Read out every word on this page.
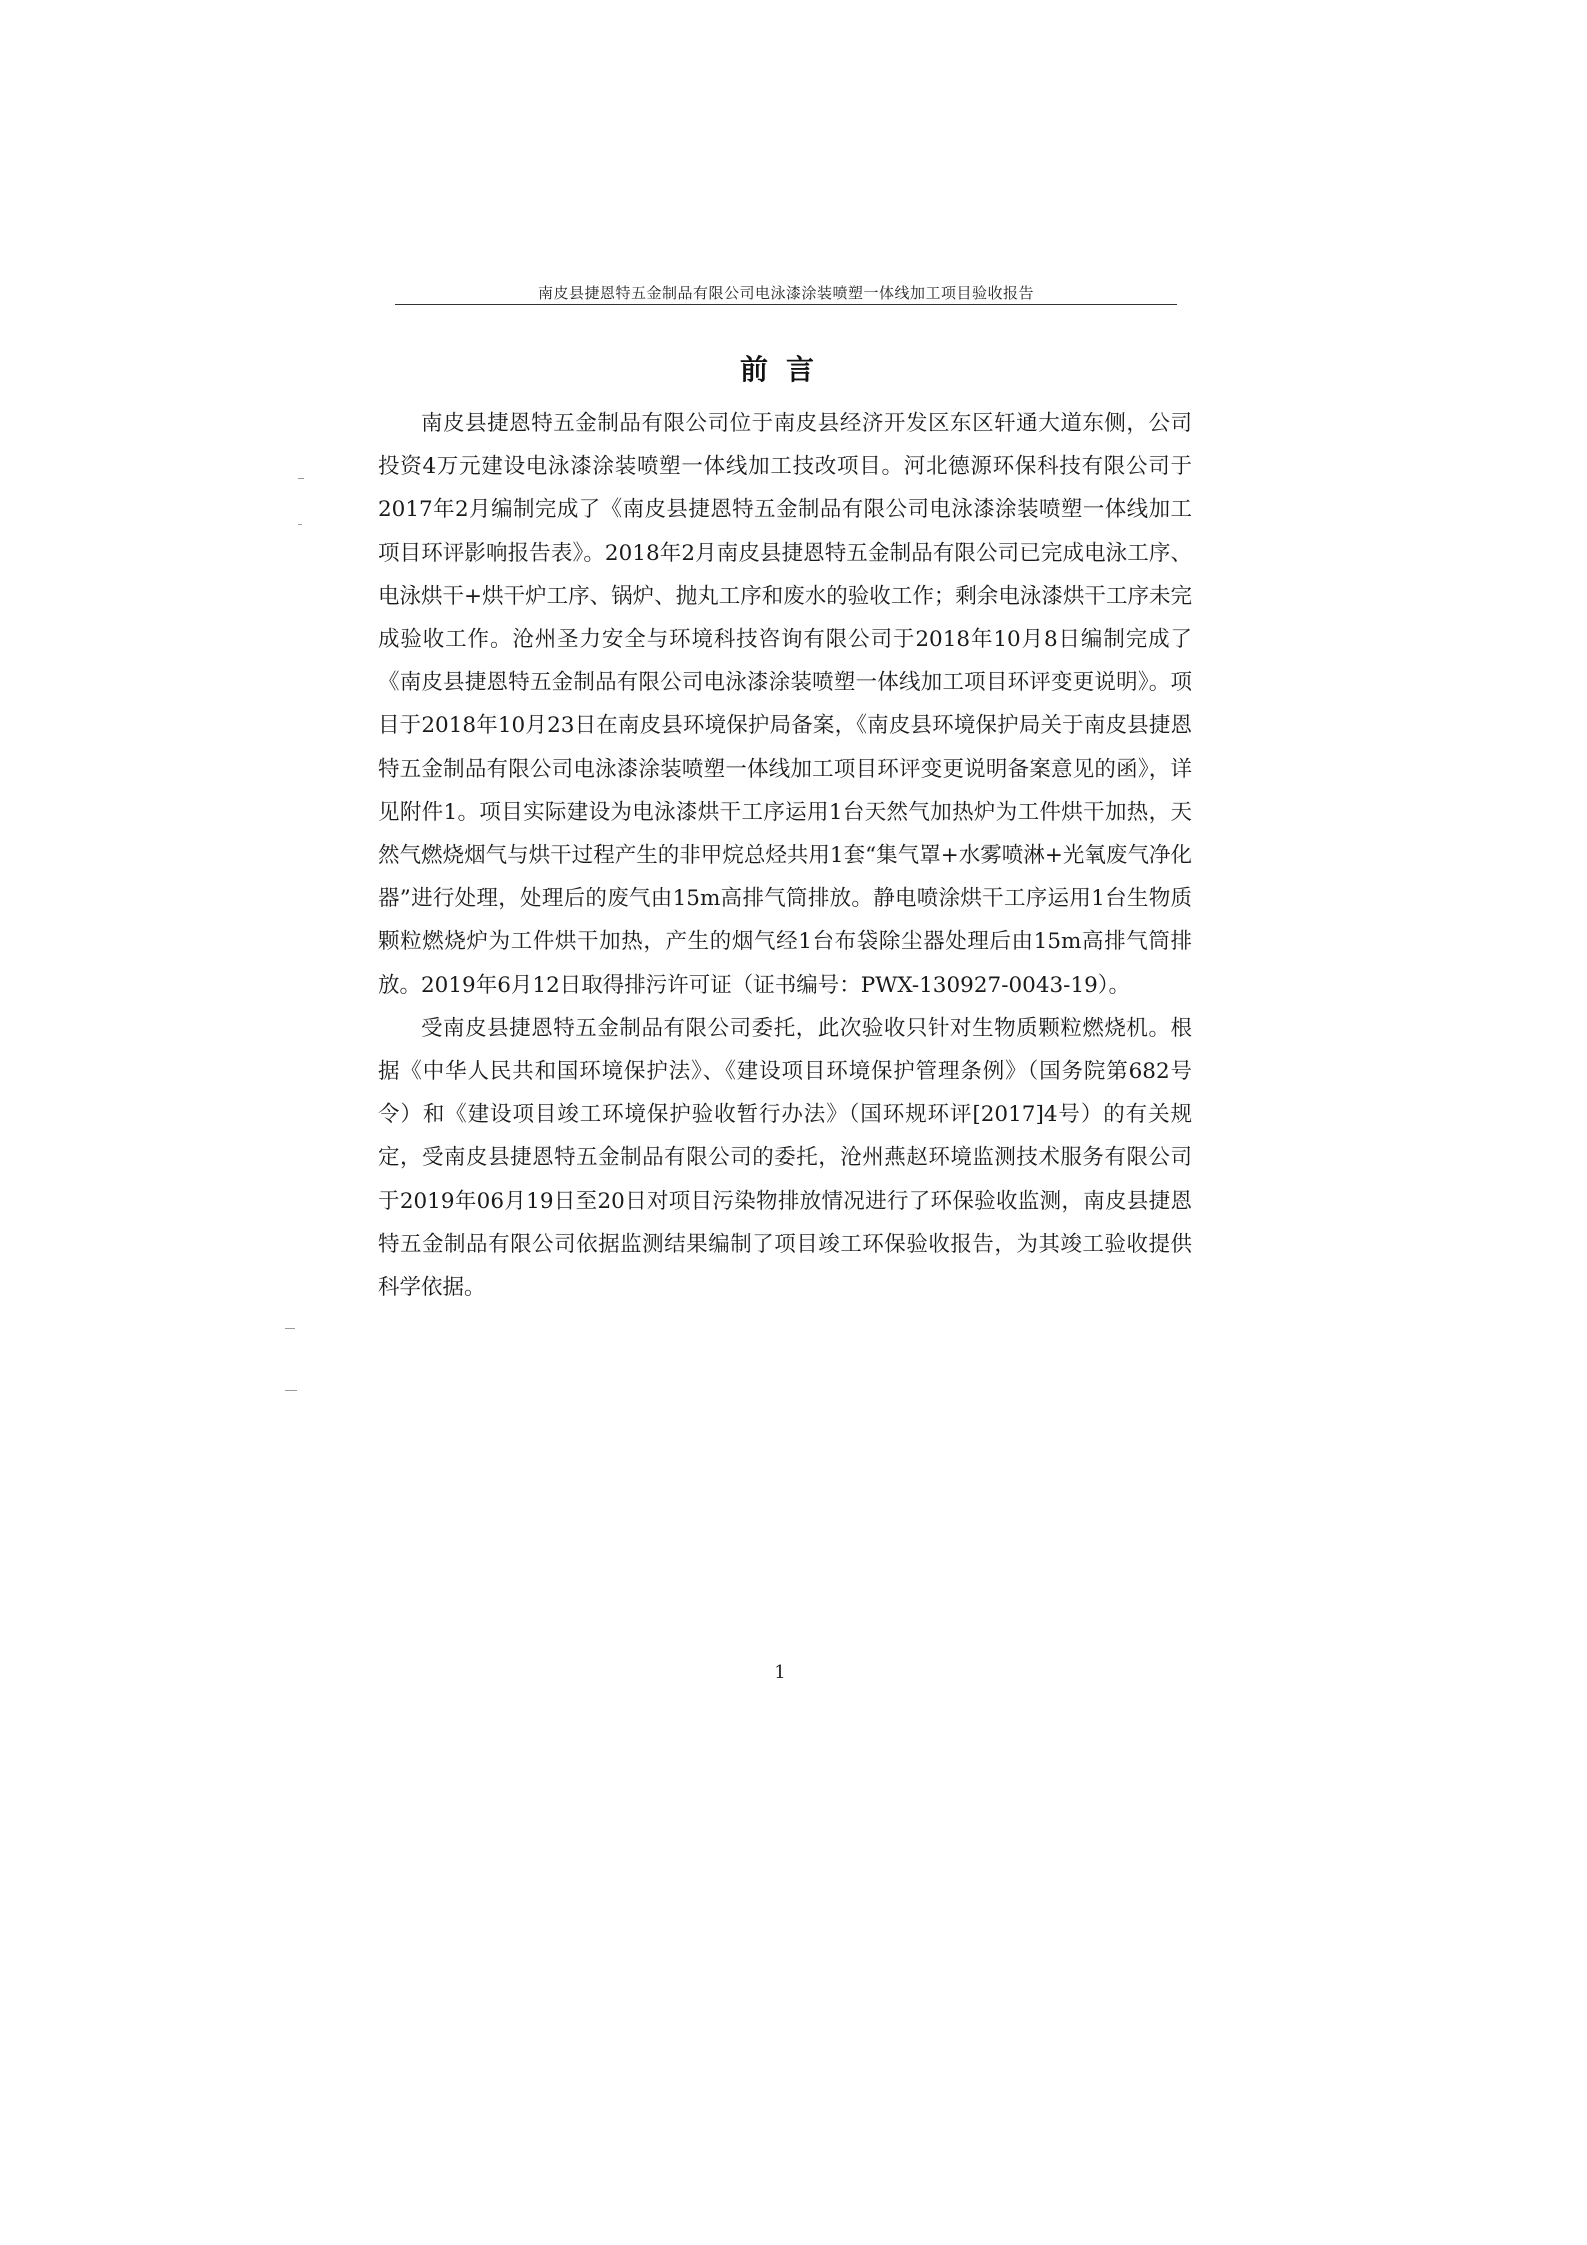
南皮县捷恩特五金制品有限公司电泳漆涂装喷塑一体线加工项目验收报告
前言

南皮县捷恩特五金制品有限公司位于南皮县经济开发区东区轩通大道东侧，公司投资4万元建设电泳漆涂装喷塑一体线加工技改项目。河北德源环保科技有限公司于2017年2月编制完成了《南皮县捷恩特五金制品有限公司电泳漆涂装喷塑一体线加工项目环评影响报告表》。2018年2月南皮县捷恩特五金制品有限公司已完成电泳工序、电泳烘干+烘干炉工序、锅炉、抛丸工序和废水的验收工作；剩余电泳漆烘干工序未完成验收工作。沧州圣力安全与环境科技咨询有限公司于2018年10月8日编制完成了《南皮县捷恩特五金制品有限公司电泳漆涂装喷塑一体线加工项目环评变更说明》。项目于2018年10月23日在南皮县环境保护局备案，《南皮县环境保护局关于南皮县捷恩特五金制品有限公司电泳漆涂装喷塑一体线加工项目环评变更说明备案意见的函》，详见附件1。项目实际建设为电泳漆烘干工序运用1台天然气加热炉为工件烘干加热，天然气燃烧烟气与烘干过程产生的非甲烷总烃共用1套“集气罩+水雾喷淋+光氧废气净化器”进行处理，处理后的废气由15m高排气筒排放。静电喷涂烘干工序运用1台生物质颗粒燃烧炉为工件烘干加热，产生的烟气经1台布袋除尘器处理后由15m高排气筒排放。2019年6月12日取得排污许可证（证书编号：PWX-130927-0043-19）。

受南皮县捷恩特五金制品有限公司委托，此次验收只针对生物质颗粒燃烧机。根据《中华人民共和国环境保护法》、《建设项目环境保护管理条例》（国务院第682号令）和《建设项目竣工环境保护验收暂行办法》（国环规环评[2017]4号）的有关规定，受南皮县捷恩特五金制品有限公司的委托，沧州燕赵环境监测技术服务有限公司于2019年06月19日至20日对项目污染物排放情况进行了环保验收监测，南皮县捷恩特五金制品有限公司依据监测结果编制了项目竣工环保验收报告，为其竣工验收提供科学依据。

1
